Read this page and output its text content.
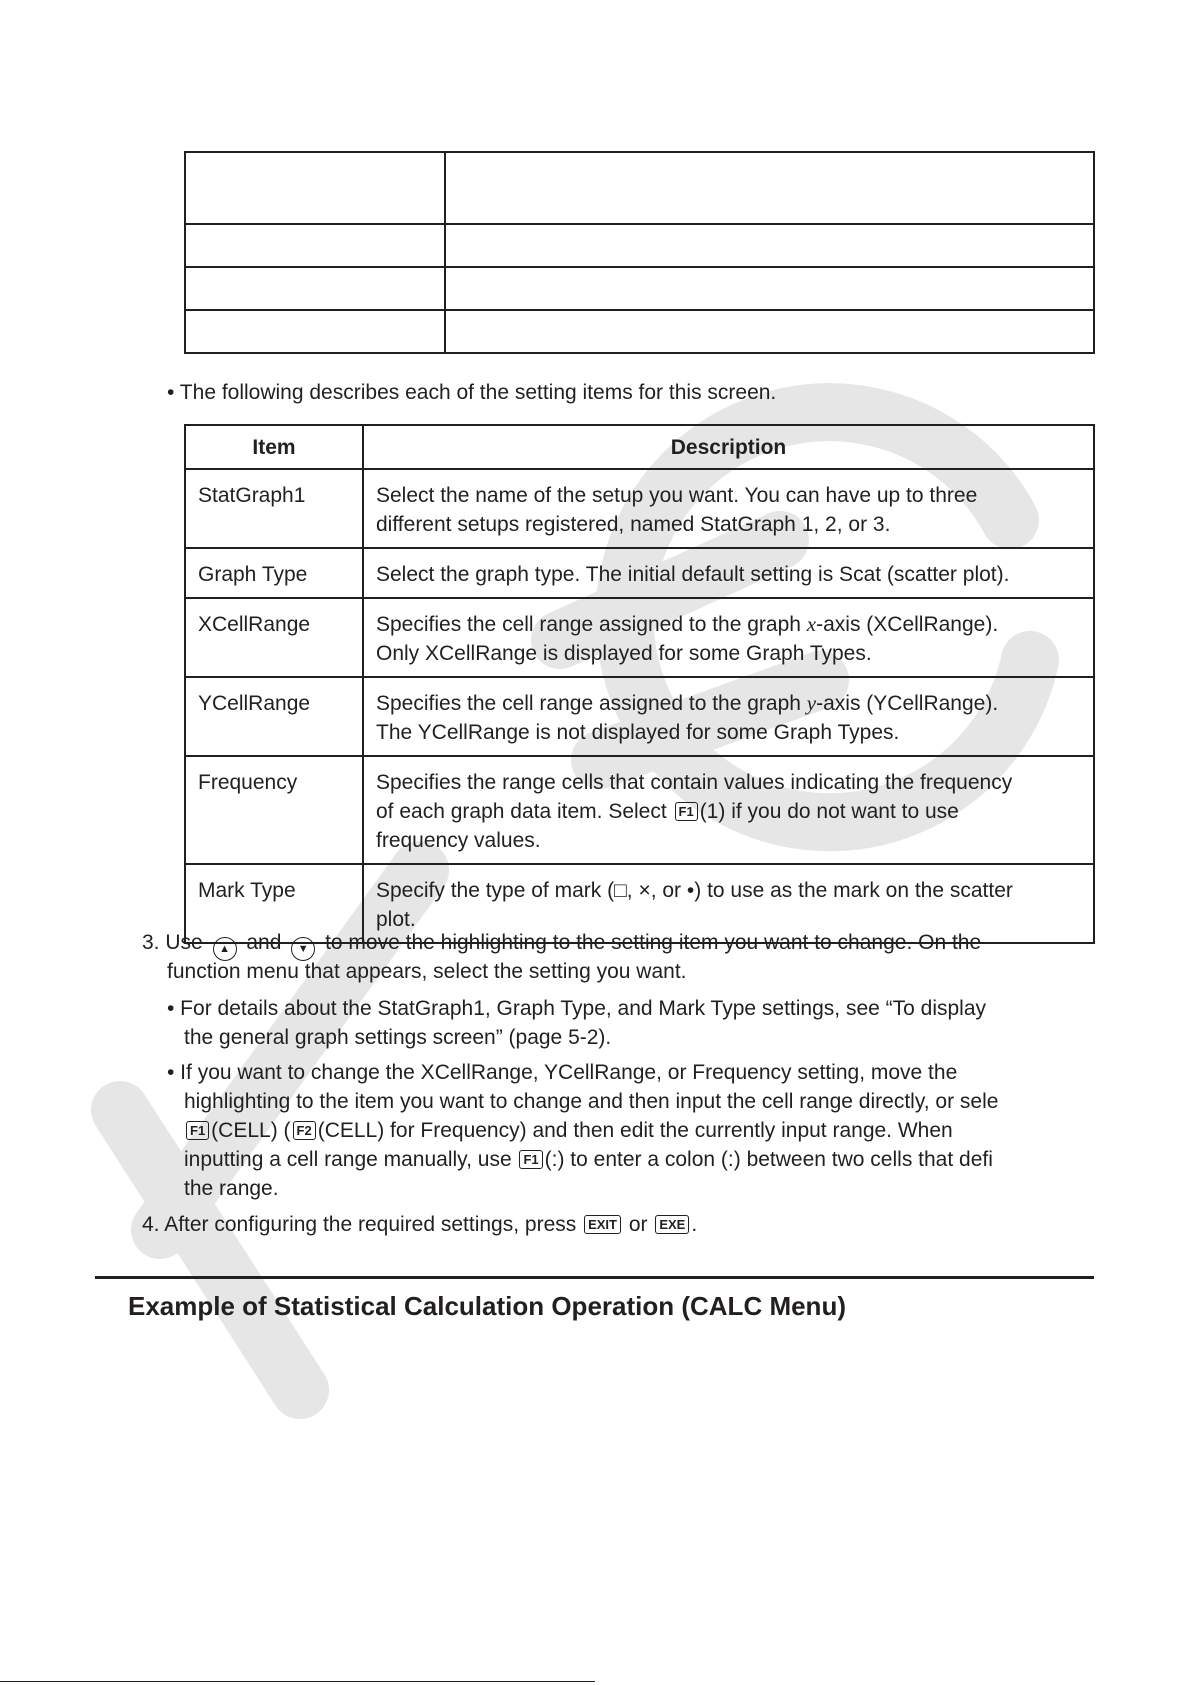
• The following describes each of the setting items for this screen.
Item	Description
StatGraph1	Select the name of the setup you want. You can have up to three
different setups registered, named StatGraph 1, 2, or 3.
Graph Type	Select the graph type. The initial default setting is Scat (scatter plot).
XCellRange	Specifies the cell range assigned to the graph x-axis (XCellRange).
Only XCellRange is displayed for some Graph Types.
YCellRange	Specifies the cell range assigned to the graph y-axis (YCellRange).
The YCellRange is not displayed for some Graph Types.
Frequency	Specifies the range cells that contain values indicating the frequency
of each graph data item. Select F1 (1) if you do not want to use
frequency values.
Mark Type	Specify the type of mark (□, ×, or •) to use as the mark on the scatter
plot.
3. Use ▲ and ▼ to move the highlighting to the setting item you want to change. On the
function menu that appears, select the setting you want.
• For details about the StatGraph1, Graph Type, and Mark Type settings, see “To display
the general graph settings screen” (page 5-2).
• If you want to change the XCellRange, YCellRange, or Frequency setting, move the
highlighting to the item you want to change and then input the cell range directly, or sele
F1 (CELL) ( F2 (CELL) for Frequency) and then edit the currently input range. When
inputting a cell range manually, use F1 (:) to enter a colon (:) between two cells that defi
the range.
4. After configuring the required settings, press EXIT or EXE .
Example of Statistical Calculation Operation (CALC Menu)
